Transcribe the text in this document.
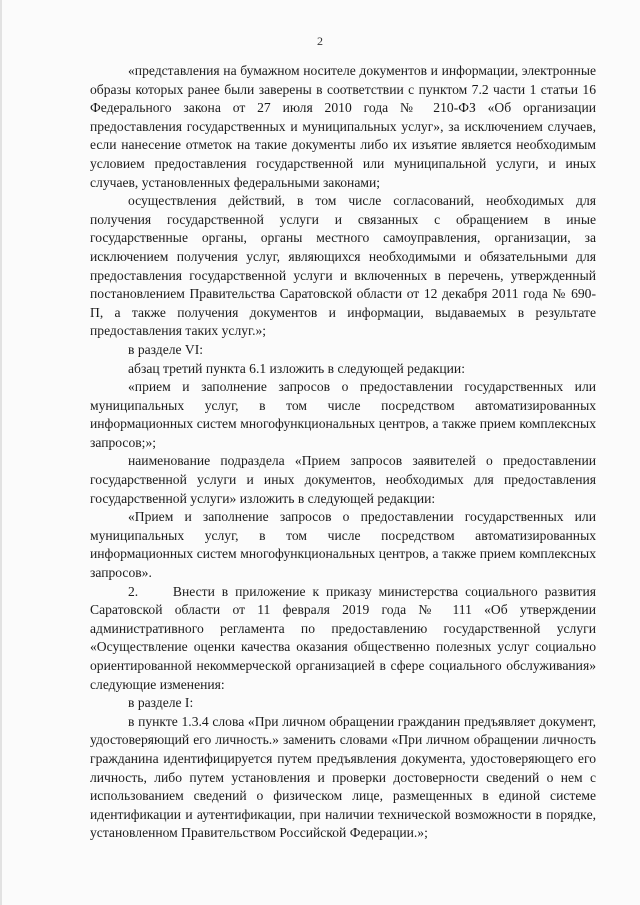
2

«представления на бумажном носителе документов и информации, электронные образы которых ранее были заверены в соответствии с пунктом 7.2 части 1 статьи 16 Федерального закона от 27 июля 2010 года № 210-ФЗ «Об организации предоставления государственных и муниципальных услуг», за исключением случаев, если нанесение отметок на такие документы либо их изъятие является необходимым условием предоставления государственной или муниципальной услуги, и иных случаев, установленных федеральными законами;

осуществления действий, в том числе согласований, необходимых для получения государственной услуги и связанных с обращением в иные государственные органы, органы местного самоуправления, организации, за исключением получения услуг, являющихся необходимыми и обязательными для предоставления государственной услуги и включенных в перечень, утвержденный постановлением Правительства Саратовской области от 12 декабря 2011 года № 690-П, а также получения документов и информации, выдаваемых в результате предоставления таких услуг.»;

в разделе VI:

абзац третий пункта 6.1 изложить в следующей редакции:

«прием и заполнение запросов о предоставлении государственных или муниципальных услуг, в том числе посредством автоматизированных информационных систем многофункциональных центров, а также прием комплексных запросов;»;

наименование подраздела «Прием запросов заявителей о предоставлении государственной услуги и иных документов, необходимых для предоставления государственной услуги» изложить в следующей редакции:

«Прием и заполнение запросов о предоставлении государственных или муниципальных услуг, в том числе посредством автоматизированных информационных систем многофункциональных центров, а также прием комплексных запросов».

2.     Внести в приложение к приказу министерства социального развития Саратовской области от 11 февраля 2019 года № 111 «Об утверждении административного регламента по предоставлению государственной услуги «Осуществление оценки качества оказания общественно полезных услуг социально ориентированной некоммерческой организацией в сфере социального обслуживания» следующие изменения:

в разделе I:

в пункте 1.3.4 слова «При личном обращении гражданин предъявляет документ, удостоверяющий его личность.» заменить словами «При личном обращении личность гражданина идентифицируется путем предъявления документа, удостоверяющего его личность, либо путем установления и проверки достоверности сведений о нем с использованием сведений о физическом лице, размещенных в единой системе идентификации и аутентификации, при наличии технической возможности в порядке, установленном Правительством Российской Федерации.»;
